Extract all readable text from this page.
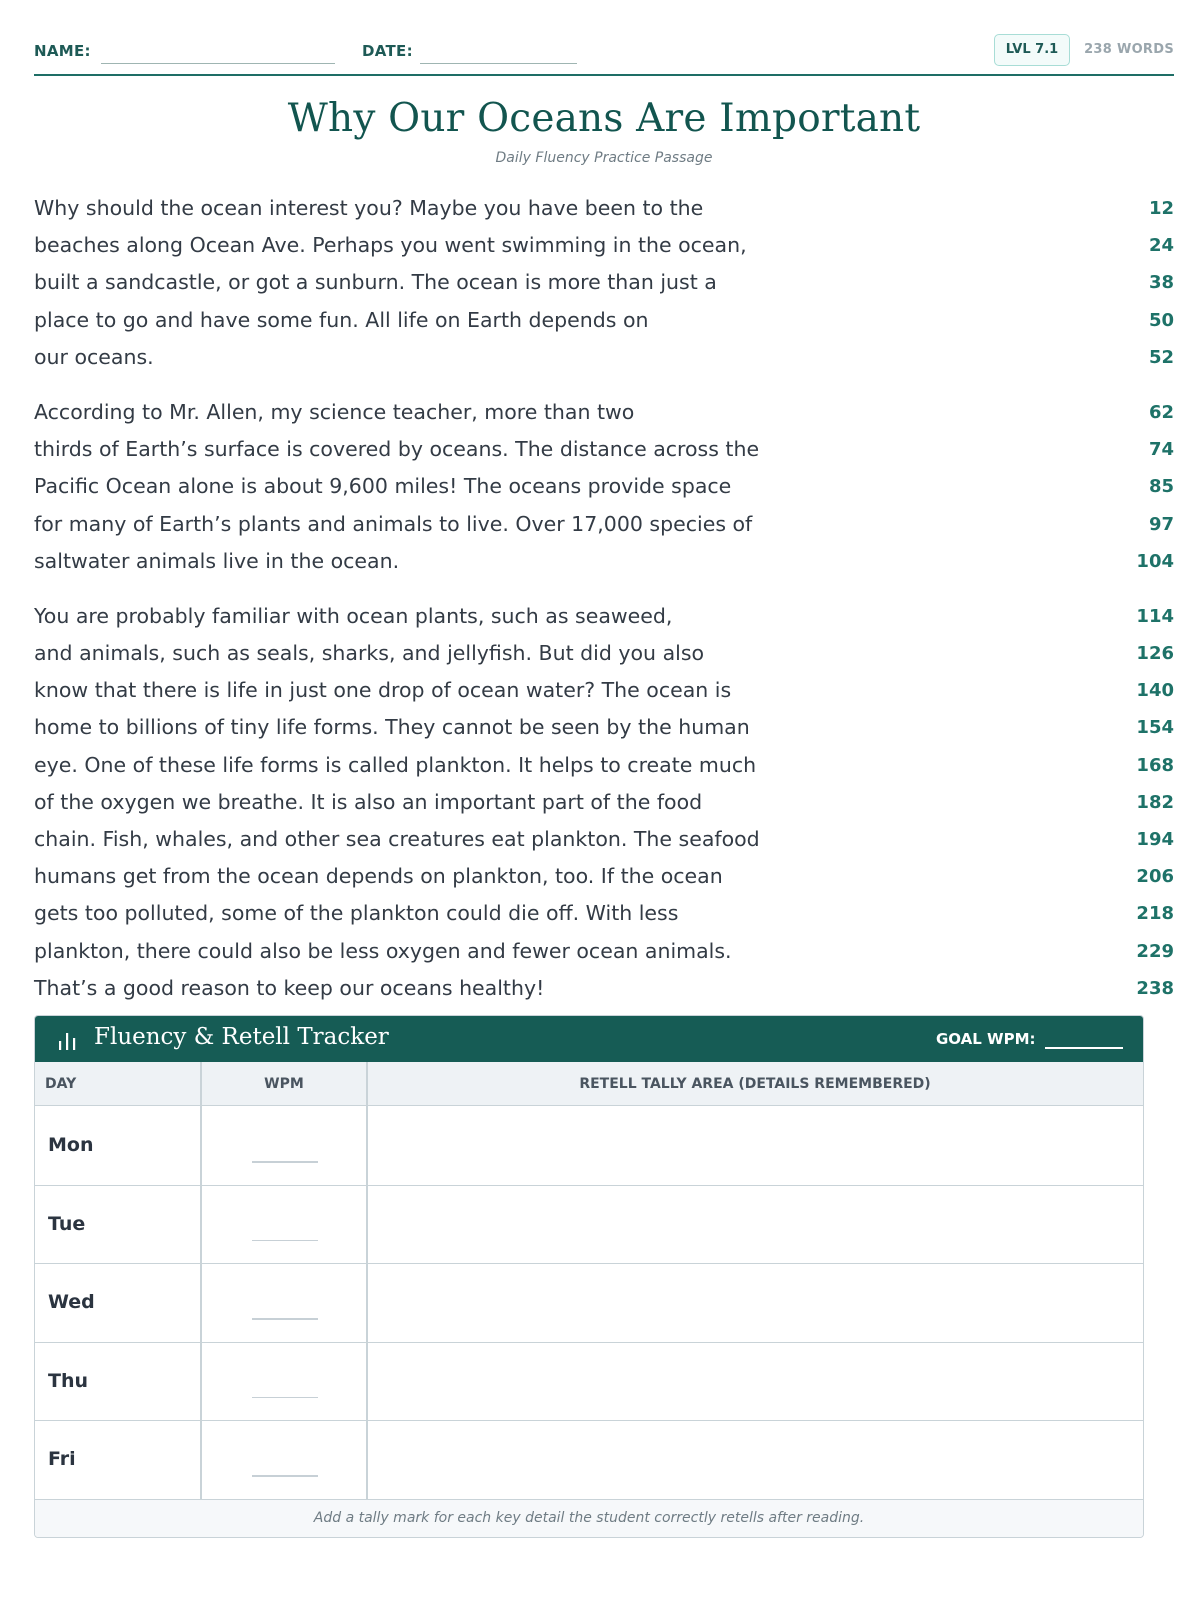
NAME:	DATE:	LVL 7.1	238 WORDS
Why Our Oceans Are Important
Daily Fluency Practice Passage
Why should the ocean interest you? Maybe you have been to the	12
beaches along Ocean Ave. Perhaps you went swimming in the ocean,	24
built a sandcastle, or got a sunburn. The ocean is more than just a	38
place to go and have some fun. All life on Earth depends on	50
our oceans.	52
According to Mr. Allen, my science teacher, more than two	62
thirds of Earth’s surface is covered by oceans. The distance across the	74
Pacific Ocean alone is about 9,600 miles! The oceans provide space	85
for many of Earth’s plants and animals to live. Over 17,000 species of	97
saltwater animals live in the ocean.	104
You are probably familiar with ocean plants, such as seaweed,	114
and animals, such as seals, sharks, and jellyfish. But did you also	126
know that there is life in just one drop of ocean water? The ocean is	140
home to billions of tiny life forms. They cannot be seen by the human	154
eye. One of these life forms is called plankton. It helps to create much	168
of the oxygen we breathe. It is also an important part of the food	182
chain. Fish, whales, and other sea creatures eat plankton. The seafood	194
humans get from the ocean depends on plankton, too. If the ocean	206
gets too polluted, some of the plankton could die off. With less	218
plankton, there could also be less oxygen and fewer ocean animals.	229
That’s a good reason to keep our oceans healthy!	238
Fluency & Retell Tracker	GOAL WPM:
DAY	WPM	RETELL TALLY AREA (DETAILS REMEMBERED)
Mon
Tue
Wed
Thu
Fri
Add a tally mark for each key detail the student correctly retells after reading.
